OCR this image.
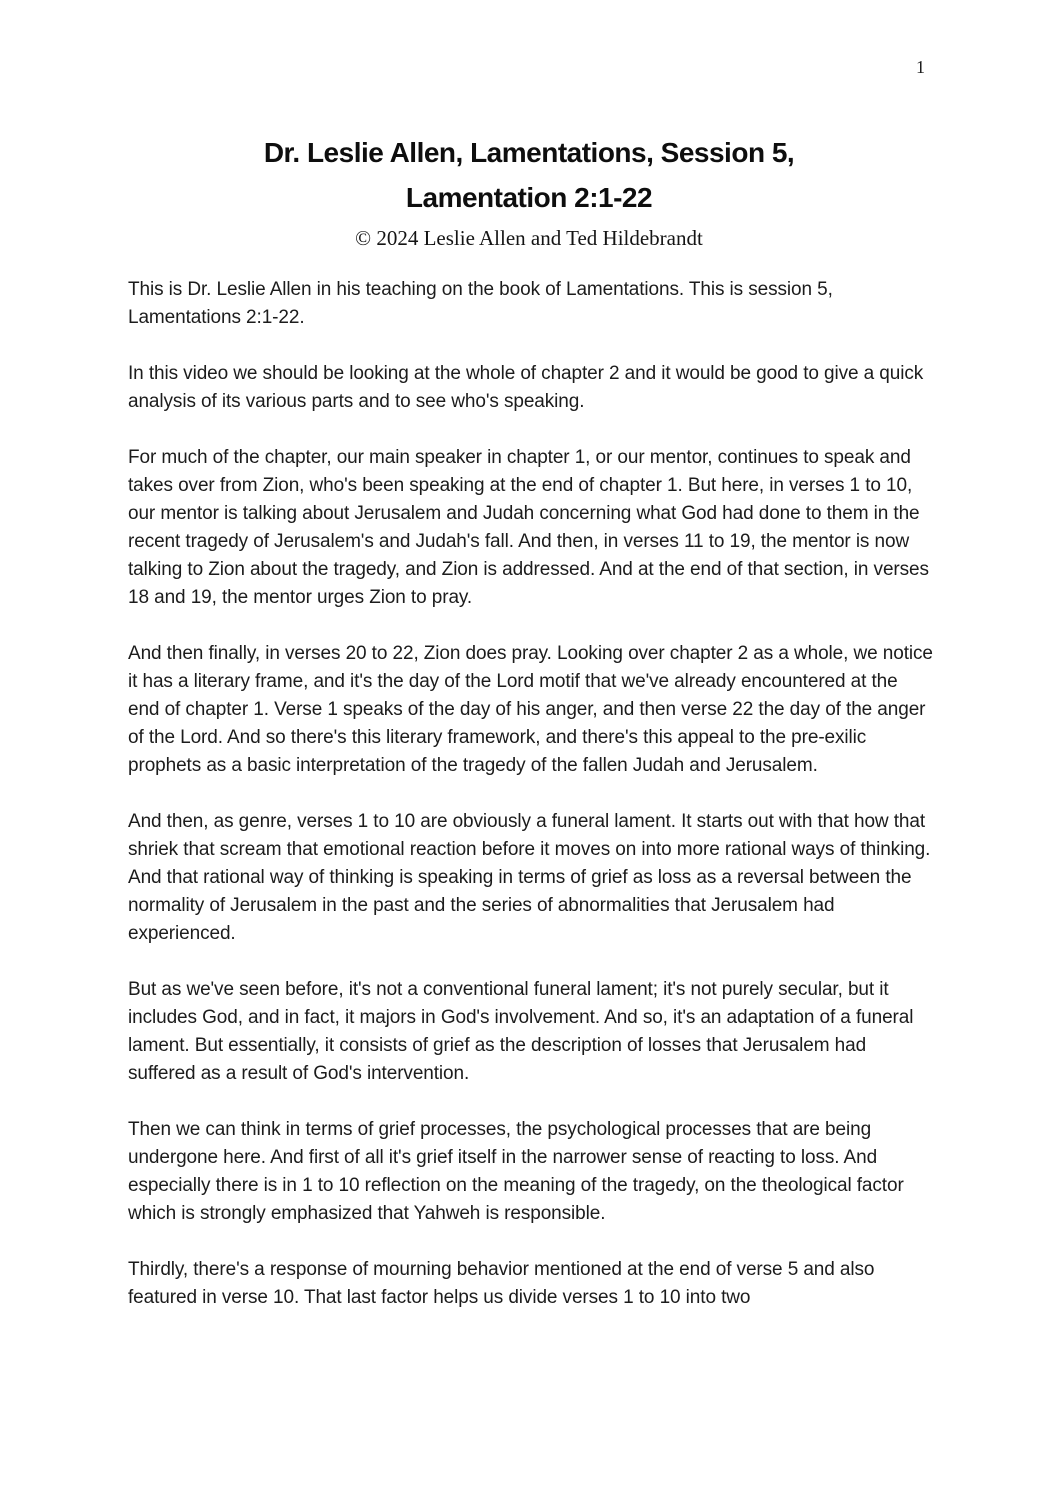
1
Dr. Leslie Allen, Lamentations, Session 5,
Lamentation 2:1-22
© 2024 Leslie Allen and Ted Hildebrandt

This is Dr. Leslie Allen in his teaching on the book of Lamentations. This is session 5, Lamentations 2:1-22.

In this video we should be looking at the whole of chapter 2 and it would be good to give a quick analysis of its various parts and to see who's speaking.

For much of the chapter, our main speaker in chapter 1, or our mentor, continues to speak and takes over from Zion, who's been speaking at the end of chapter 1. But here, in verses 1 to 10, our mentor is talking about Jerusalem and Judah concerning what God had done to them in the recent tragedy of Jerusalem's and Judah's fall. And then, in verses 11 to 19, the mentor is now talking to Zion about the tragedy, and Zion is addressed. And at the end of that section, in verses 18 and 19, the mentor urges Zion to pray.

And then finally, in verses 20 to 22, Zion does pray. Looking over chapter 2 as a whole, we notice it has a literary frame, and it's the day of the Lord motif that we've already encountered at the end of chapter 1. Verse 1 speaks of the day of his anger, and then verse 22 the day of the anger of the Lord. And so there's this literary framework, and there's this appeal to the pre-exilic prophets as a basic interpretation of the tragedy of the fallen Judah and Jerusalem.

And then, as genre, verses 1 to 10 are obviously a funeral lament. It starts out with that how that shriek that scream that emotional reaction before it moves on into more rational ways of thinking. And that rational way of thinking is speaking in terms of grief as loss as a reversal between the normality of Jerusalem in the past and the series of abnormalities that Jerusalem had experienced.

But as we've seen before, it's not a conventional funeral lament; it's not purely secular, but it includes God, and in fact, it majors in God's involvement. And so, it's an adaptation of a funeral lament. But essentially, it consists of grief as the description of losses that Jerusalem had suffered as a result of God's intervention.

Then we can think in terms of grief processes, the psychological processes that are being undergone here. And first of all it's grief itself in the narrower sense of reacting to loss. And especially there is in 1 to 10 reflection on the meaning of the tragedy, on the theological factor which is strongly emphasized that Yahweh is responsible.

Thirdly, there's a response of mourning behavior mentioned at the end of verse 5 and also featured in verse 10. That last factor helps us divide verses 1 to 10 into two
